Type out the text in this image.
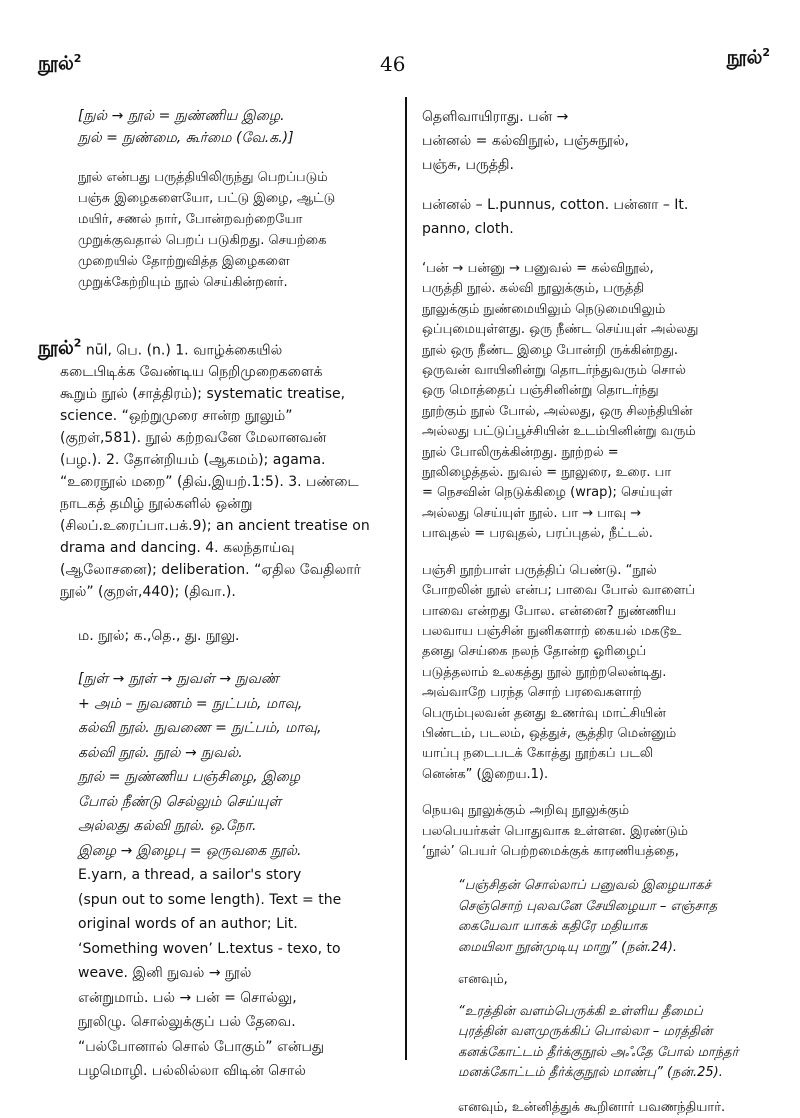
நூல்$^2$	46	நூல்$^2$

[நுல் → நூல் = நுண்ணிய இழை.

நுல் = நுண்மை, கூர்மை (வே.க.)]

நூல் என்பது பருத்தியிலிருந்து பெறப்படும்

பஞ்சு இழைகளையோ, பட்டு இழை, ஆட்டு

மயிர், சணல் நார், போன்றவற்றையோ

முறுக்குவதால் பெறப் படுகிறது. செயற்கை

முறையில் தோற்றுவித்த இழைகளை

முறுக்கேற்றியும் நூல் செய்கின்றனர்.

நூல்$^2$ nūl, பெ. (n.) 1. வாழ்க்கையில்

கடைபிடிக்க வேண்டிய நெறிமுறைகளைக்

கூறும் நூல் (சாத்திரம்); systematic treatise,

science. “ஒற்றுமுரை சான்ற நூலும்”

(குறள்,581). நூல் கற்றவனே மேலானவன்

(பழ.). 2. தோன்றியம் (ஆகமம்); agama.

“உரைநூல் மறை” (திவ்.இயற்.1:5). 3. பண்டை

நாடகத் தமிழ் நூல்களில் ஒன்று

(சிலப்.உரைப்பா.பக்.9); an ancient treatise on

drama and dancing. 4. கலந்தாய்வு

(ஆலோசனை); deliberation. “ஏதில வேதிலார்

நூல்” (குறள்,440); (திவா.).

ம. நூல்; க.,தெ., து. நூலு.

[நுள் → நூள் → நுவள் → நுவண்

+ அம் – நுவணம் = நுட்பம், மாவு,

கல்வி நூல். நுவணை = நுட்பம், மாவு,

கல்வி நூல். நூல் → நுவல்.

நூல் = நுண்ணிய பஞ்சிழை, இழை

போல் நீண்டு செல்லும் செய்யுள்

அல்லது கல்வி நூல். ஒ.நோ.

இழை → இழைபு = ஒருவகை நூல்.

E.yarn, a thread, a sailor's story

(spun out to some length). Text = the

original words of an author; Lit.

‘Something woven’ L.textus - texo, to

weave. இனி நுவல் → நூல்

என்றுமாம். பல் → பன் = சொல்லு,

நூலிழு. சொல்லுக்குப் பல் தேவை.

“பல்போனால் சொல் போகும்” என்பது

பழமொழி. பல்லில்லா விடின் சொல்

தெளிவாயிராது. பன் →

பன்னல் = கல்விநூல், பஞ்சுநூல்,

பஞ்சு, பருத்தி.

பன்னல் – L.punnus, cotton. பன்னா – It.

panno, cloth.

‘பன் → பன்னு → பனுவல் = கல்விநூல்,

பருத்தி நூல். கல்வி நூலுக்கும், பருத்தி

நூலுக்கும் நுண்மையிலும் நெடுமையிலும்

ஒப்புமையுள்ளது. ஒரு நீண்ட செய்யுள் அல்லது

நூல் ஒரு நீண்ட இழை போன்றி ருக்கின்றது.

ஒருவன் வாயினின்று தொடர்ந்துவரும் சொல்

ஒரு மொத்தைப் பஞ்சினின்று தொடர்ந்து

நூற்கும் நூல் போல், அல்லது, ஒரு சிலந்தியின்

அல்லது பட்டுப்பூச்சியின் உடம்பினின்று வரும்

நூல் போலிருக்கின்றது. நூற்றல் =

நூலிழைத்தல். நுவல் = நூலுரை, உரை. பா

= நெசவின் நெடுக்கிழை (wrap); செய்யுள்

அல்லது செய்யுள் நூல். பா → பாவு →

பாவுதல் = பரவுதல், பரப்புதல், நீட்டல்.

பஞ்சி நூற்பாள் பருத்திப் பெண்டு. “நூல்

போறலின் நூல் என்ப; பாவை போல் வாளைப்

பாவை என்றது போல. என்னை? நுண்ணிய

பலவாய பஞ்சின் நுனிகளாற் கையல் மகடூஉ

தனது செய்கை நலந் தோன்ற ஓரிழைப்

படுத்தலாம் உலகத்து நூல் நூற்றலென்டிது.

அவ்வாறே பரந்த சொற் பரவைகளாற்

பெரும்புலவன் தனது உணர்வு மாட்சியின்

பிண்டம், படலம், ஒத்துச், சூத்திர மென்னும்

யாப்பு நடைபடக் கோத்து நூற்கப் படலி

னென்க” (இறைய.1).

நெயவு நூலுக்கும் அறிவு நூலுக்கும்

பலபெயர்கள் பொதுவாக உள்ளன. இரண்டும்

‘நூல்’ பெயர் பெற்றமைக்குக் காரணியத்தை,

“பஞ்சிதன் சொல்லாப் பனுவல் இழையாகச்

செஞ்சொற் புலவனே சேயிழையா – எஞ்சாத

கையேவா யாகக் கதிரே மதியாக

மையிலா நூன்முடியு மாறு” (நன்.24).

எனவும்,

“உரத்தின் வளம்பெருக்கி உள்ளிய தீமைப்

புரத்தின் வளமுருக்கிப் பொல்லா – மரத்தின்

கனக்கோட்டம் தீர்க்குநூல் அஃதே போல் மாந்தர்

மனக்கோட்டம் தீர்க்குநூல் மாண்பு” (நன்.25).

எனவும், உன்னித்துக் கூறினார் பவணந்தியார்.
